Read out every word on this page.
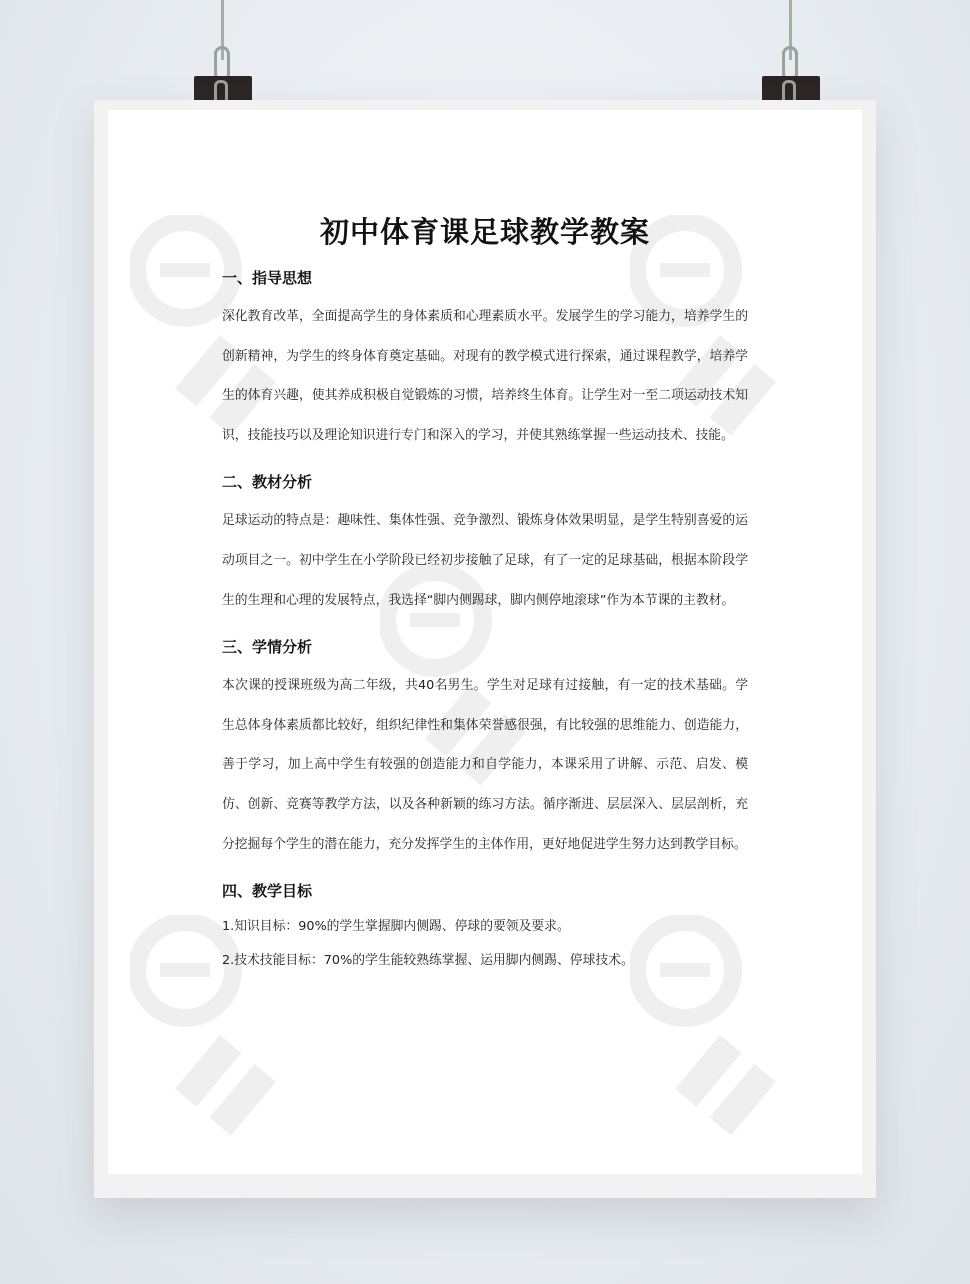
初中体育课足球教学教案
一、指导思想

深化教育改革，全面提高学生的身体素质和心理素质水平。发展学生的学习能力，培养学生的创新精神，为学生的终身体育奠定基础。对现有的教学模式进行探索，通过课程教学，培养学生的体育兴趣，使其养成积极自觉锻炼的习惯，培养终生体育。让学生对一至二项运动技术知识，技能技巧以及理论知识进行专门和深入的学习，并使其熟练掌握一些运动技术、技能。

二、教材分析

足球运动的特点是：趣味性、集体性强、竞争激烈、锻炼身体效果明显，是学生特别喜爱的运动项目之一。初中学生在小学阶段已经初步接触了足球，有了一定的足球基础，根据本阶段学生的生理和心理的发展特点，我选择“脚内侧踢球，脚内侧停地滚球”作为本节课的主教材。

三、学情分析

本次课的授课班级为高二年级，共40名男生。学生对足球有过接触，有一定的技术基础。学生总体身体素质都比较好，组织纪律性和集体荣誉感很强，有比较强的思维能力、创造能力，善于学习，加上高中学生有较强的创造能力和自学能力，本课采用了讲解、示范、启发、模仿、创新、竞赛等教学方法，以及各种新颖的练习方法。循序渐进、层层深入、层层剖析，充分挖掘每个学生的潜在能力，充分发挥学生的主体作用，更好地促进学生努力达到教学目标。

四、教学目标

1.知识目标：90%的学生掌握脚内侧踢、停球的要领及要求。

2.技术技能目标：70%的学生能较熟练掌握、运用脚内侧踢、停球技术。
